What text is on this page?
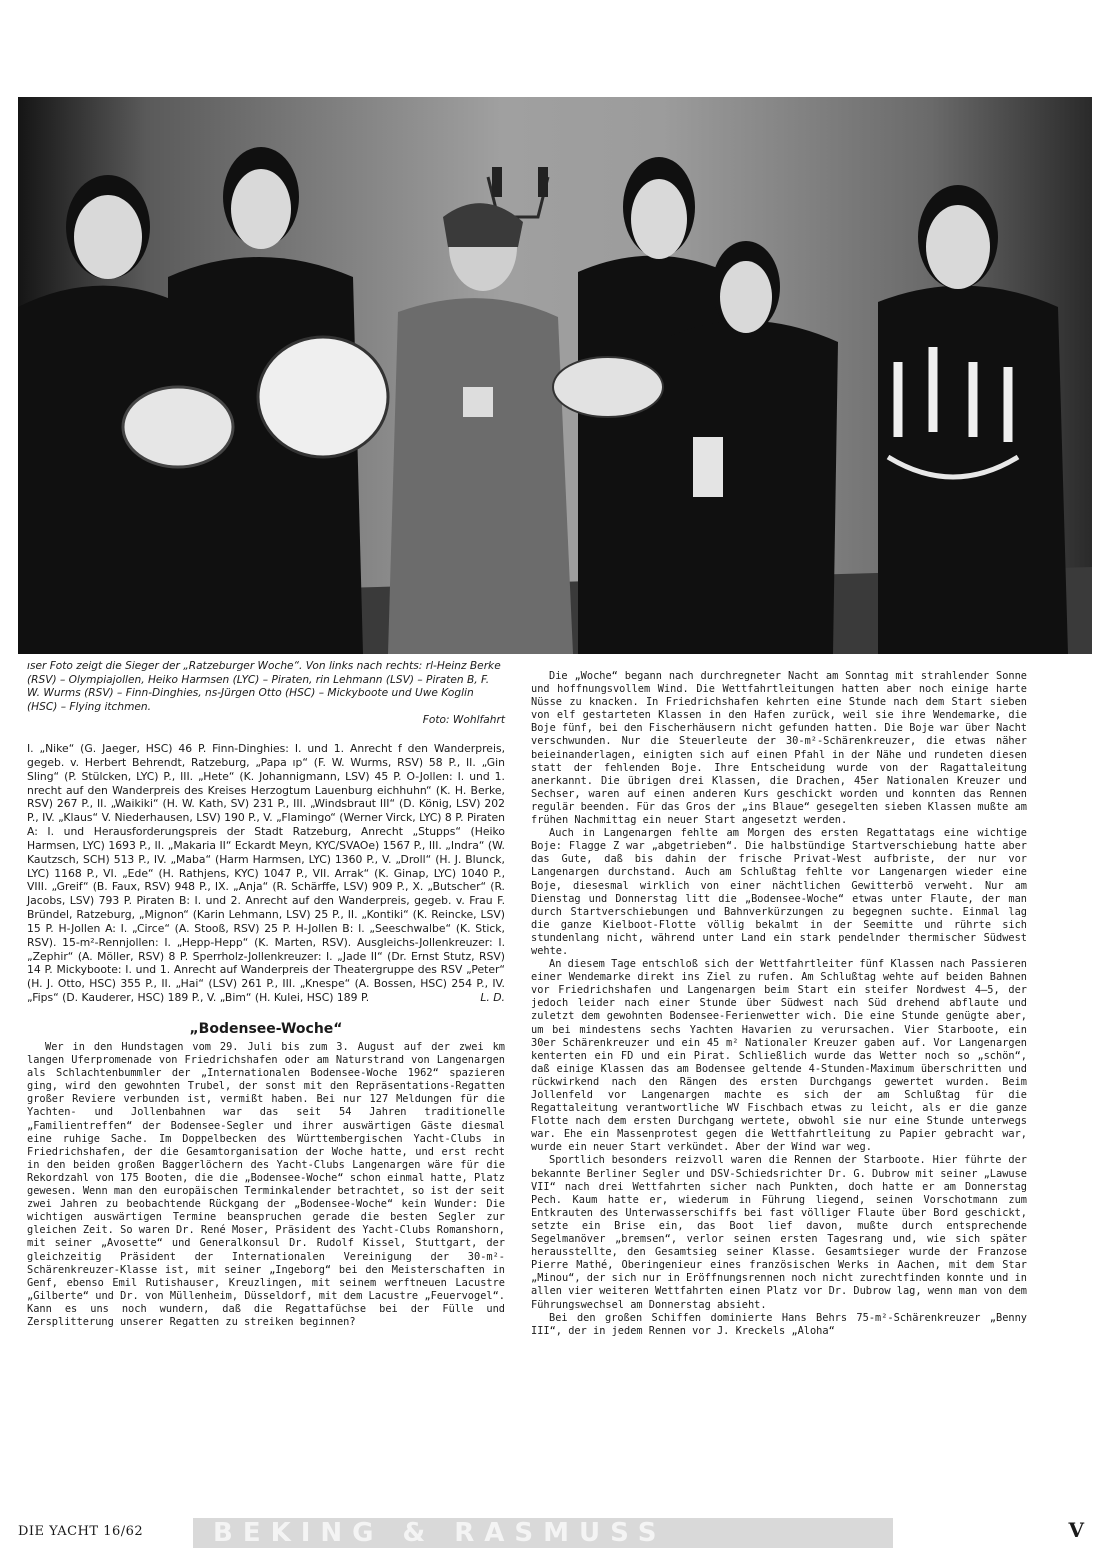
ıser Foto zeigt die Sieger der „Ratzeburger Woche“. Von links nach rechts: rl-Heinz Berke (RSV) – Olympiajollen, Heiko Harmsen (LYC) – Piraten, rin Lehmann (LSV) – Piraten B, F. W. Wurms (RSV) – Finn-Dinghies, ns-Jürgen Otto (HSC) – Mickyboote und Uwe Koglin (HSC) – Flying itchmen.
Foto: Wohlfahrt

I. „Nike“ (G. Jaeger, HSC) 46 P. Finn-Dinghies: I. und 1. Anrecht f den Wanderpreis, gegeb. v. Herbert Behrendt, Ratzeburg, „Papa ıp“ (F. W. Wurms, RSV) 58 P., II. „Gin Sling“ (P. Stülcken, LYC) P., III. „Hete“ (K. Johannigmann, LSV) 45 P. O-Jollen: I. und 1. nrecht auf den Wanderpreis des Kreises Herzogtum Lauenburg eichhuhn“ (K. H. Berke, RSV) 267 P., II. „Waikiki“ (H. W. Kath, SV) 231 P., III. „Windsbraut III“ (D. König, LSV) 202 P., IV. „Klaus“ V. Niederhausen, LSV) 190 P., V. „Flamingo“ (Werner Virck, LYC) 8 P. Piraten A: I. und Herausforderungspreis der Stadt Ratzeburg, Anrecht „Stupps“ (Heiko Harmsen, LYC) 1693 P., II. „Makaria II“ Eckardt Meyn, KYC/SVAOe) 1567 P., III. „Indra“ (W. Kautzsch, SCH) 513 P., IV. „Maba“ (Harm Harmsen, LYC) 1360 P., V. „Droll“ (H. J. Blunck, LYC) 1168 P., VI. „Ede“ (H. Rathjens, KYC) 1047 P., VII. Arrak“ (K. Ginap, LYC) 1040 P., VIII. „Greif“ (B. Faux, RSV) 948 P., IX. „Anja“ (R. Schärffe, LSV) 909 P., X. „Butscher“ (R. Jacobs, LSV) 793 P. Piraten B: I. und 2. Anrecht auf den Wanderpreis, gegeb. v. Frau F. Bründel, Ratzeburg, „Mignon“ (Karin Lehmann, LSV) 25 P., II. „Kontiki“ (K. Reincke, LSV) 15 P. H-Jollen A: I. „Circe“ (A. Stooß, RSV) 25 P. H-Jollen B: I. „Seeschwalbe“ (K. Stick, RSV). 15-m²-Rennjollen: I. „Hepp-Hepp“ (K. Marten, RSV). Ausgleichs-Jollenkreuzer: I. „Zephir“ (A. Möller, RSV) 8 P. Sperrholz-Jollenkreuzer: I. „Jade II“ (Dr. Ernst Stutz, RSV) 14 P. Mickyboote: I. und 1. Anrecht auf Wanderpreis der Theatergruppe des RSV „Peter“ (H. J. Otto, HSC) 355 P., II. „Hai“ (LSV) 261 P., III. „Knespe“ (A. Bossen, HSC) 254 P., IV. „Fips“ (D. Kauderer, HSC) 189 P., V. „Bim“ (H. Kulei, HSC) 189 P.	L. D.

„Bodensee-Woche“

Wer in den Hundstagen vom 29. Juli bis zum 3. August auf der zwei km langen Uferpromenade von Friedrichshafen oder am Naturstrand von Langenargen als Schlachtenbummler der „Internationalen Bodensee-Woche 1962“ spazieren ging, wird den gewohnten Trubel, der sonst mit den Repräsentations-Regatten großer Reviere verbunden ist, vermißt haben. Bei nur 127 Meldungen für die Yachten- und Jollenbahnen war das seit 54 Jahren traditionelle „Familientreffen“ der Bodensee-Segler und ihrer auswärtigen Gäste diesmal eine ruhige Sache. Im Doppelbecken des Württembergischen Yacht-Clubs in Friedrichshafen, der die Gesamtorganisation der Woche hatte, und erst recht in den beiden großen Baggerlöchern des Yacht-Clubs Langenargen wäre für die Rekordzahl von 175 Booten, die die „Bodensee-Woche“ schon einmal hatte, Platz gewesen. Wenn man den europäischen Terminkalender betrachtet, so ist der seit zwei Jahren zu beobachtende Rückgang der „Bodensee-Woche“ kein Wunder: Die wichtigen auswärtigen Termine beanspruchen gerade die besten Segler zur gleichen Zeit. So waren Dr. René Moser, Präsident des Yacht-Clubs Romanshorn, mit seiner „Avosette“ und Generalkonsul Dr. Rudolf Kissel, Stuttgart, der gleichzeitig Präsident der Internationalen Vereinigung der 30-m²-Schärenkreuzer-Klasse ist, mit seiner „Ingeborg“ bei den Meisterschaften in Genf, ebenso Emil Rutishauser, Kreuzlingen, mit seinem werftneuen Lacustre „Gilberte“ und Dr. von Müllenheim, Düsseldorf, mit dem Lacustre „Feuervogel“. Kann es uns noch wundern, daß die Regattafüchse bei der Fülle und Zersplitterung unserer Regatten zu streiken beginnen?

Die „Woche“ begann nach durchregneter Nacht am Sonntag mit strahlender Sonne und hoffnungsvollem Wind. Die Wettfahrtleitungen hatten aber noch einige harte Nüsse zu knacken. In Friedrichshafen kehrten eine Stunde nach dem Start sieben von elf gestarteten Klassen in den Hafen zurück, weil sie ihre Wendemarke, die Boje fünf, bei den Fischerhäusern nicht gefunden hatten. Die Boje war über Nacht verschwunden. Nur die Steuerleute der 30-m²-Schärenkreuzer, die etwas näher beieinanderlagen, einigten sich auf einen Pfahl in der Nähe und rundeten diesen statt der fehlenden Boje. Ihre Entscheidung wurde von der Ragattaleitung anerkannt. Die übrigen drei Klassen, die Drachen, 45er Nationalen Kreuzer und Sechser, waren auf einen anderen Kurs geschickt worden und konnten das Rennen regulär beenden. Für das Gros der „ins Blaue“ gesegelten sieben Klassen mußte am frühen Nachmittag ein neuer Start angesetzt werden.

Auch in Langenargen fehlte am Morgen des ersten Regattatags eine wichtige Boje: Flagge Z war „abgetrieben“. Die halbstündige Startverschiebung hatte aber das Gute, daß bis dahin der frische Privat-West aufbriste, der nur vor Langenargen durchstand. Auch am Schlußtag fehlte vor Langenargen wieder eine Boje, diesesmal wirklich von einer nächtlichen Gewitterbö verweht. Nur am Dienstag und Donnerstag litt die „Bodensee-Woche“ etwas unter Flaute, der man durch Startverschiebungen und Bahnverkürzungen zu begegnen suchte. Einmal lag die ganze Kielboot-Flotte völlig bekalmt in der Seemitte und rührte sich stundenlang nicht, während unter Land ein stark pendelnder thermischer Südwest wehte.

An diesem Tage entschloß sich der Wettfahrtleiter fünf Klassen nach Passieren einer Wendemarke direkt ins Ziel zu rufen. Am Schlußtag wehte auf beiden Bahnen vor Friedrichshafen und Langenargen beim Start ein steifer Nordwest 4—5, der jedoch leider nach einer Stunde über Südwest nach Süd drehend abflaute und zuletzt dem gewohnten Bodensee-Ferienwetter wich. Die eine Stunde genügte aber, um bei mindestens sechs Yachten Havarien zu verursachen. Vier Starboote, ein 30er Schärenkreuzer und ein 45 m² Nationaler Kreuzer gaben auf. Vor Langenargen kenterten ein FD und ein Pirat. Schließlich wurde das Wetter noch so „schön“, daß einige Klassen das am Bodensee geltende 4-Stunden-Maximum überschritten und rückwirkend nach den Rängen des ersten Durchgangs gewertet wurden. Beim Jollenfeld vor Langenargen machte es sich der am Schlußtag für die Regattaleitung verantwortliche WV Fischbach etwas zu leicht, als er die ganze Flotte nach dem ersten Durchgang wertete, obwohl sie nur eine Stunde unterwegs war. Ehe ein Massenprotest gegen die Wettfahrtleitung zu Papier gebracht war, wurde ein neuer Start verkündet. Aber der Wind war weg.

Sportlich besonders reizvoll waren die Rennen der Starboote. Hier führte der bekannte Berliner Segler und DSV-Schiedsrichter Dr. G. Dubrow mit seiner „Lawuse VII“ nach drei Wettfahrten sicher nach Punkten, doch hatte er am Donnerstag Pech. Kaum hatte er, wiederum in Führung liegend, seinen Vorschotmann zum Entkrauten des Unterwasserschiffs bei fast völliger Flaute über Bord geschickt, setzte ein Brise ein, das Boot lief davon, mußte durch entsprechende Segelmanöver „bremsen“, verlor seinen ersten Tagesrang und, wie sich später herausstellte, den Gesamtsieg seiner Klasse. Gesamtsieger wurde der Franzose Pierre Mathé, Oberingenieur eines französischen Werks in Aachen, mit dem Star „Minou“, der sich nur in Eröffnungsrennen noch nicht zurechtfinden konnte und in allen vier weiteren Wettfahrten einen Platz vor Dr. Dubrow lag, wenn man von dem Führungswechsel am Donnerstag absieht.

Bei den großen Schiffen dominierte Hans Behrs 75-m²-Schärenkreuzer „Benny III“, der in jedem Rennen vor J. Kreckels „Aloha“

DIE YACHT 16/62	BEKING & RASMUSS	V
